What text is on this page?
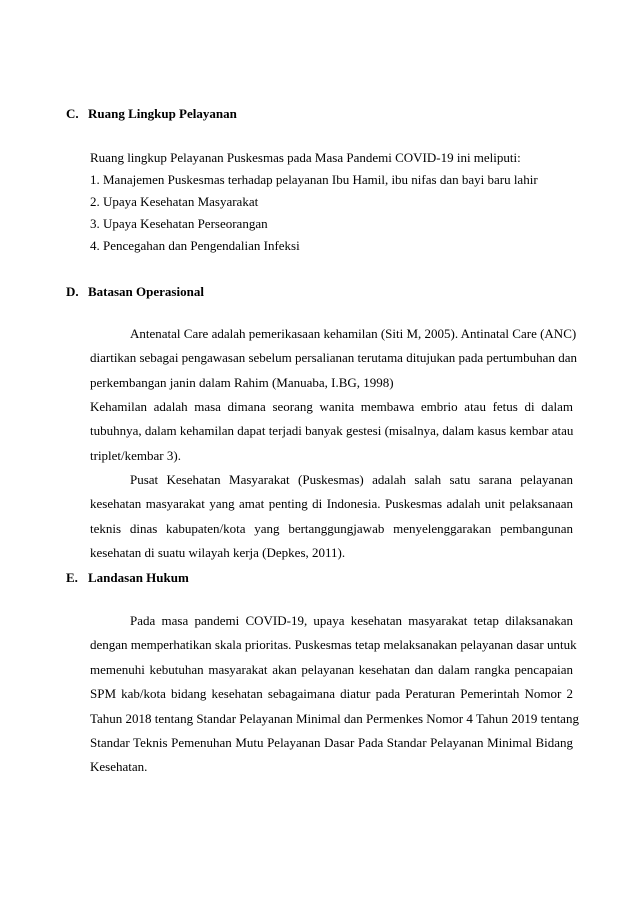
C. Ruang Lingkup Pelayanan
Ruang lingkup Pelayanan Puskesmas pada Masa Pandemi COVID-19 ini meliputi:
1. Manajemen Puskesmas terhadap pelayanan Ibu Hamil, ibu nifas dan bayi baru lahir
2. Upaya Kesehatan Masyarakat
3. Upaya Kesehatan Perseorangan
4. Pencegahan dan Pengendalian Infeksi
D. Batasan Operasional
Antenatal Care adalah pemerikasaan kehamilan (Siti M, 2005). Antinatal Care (ANC)
diartikan sebagai pengawasan sebelum persalianan terutama ditujukan pada pertumbuhan dan
perkembangan janin dalam Rahim (Manuaba, I.BG, 1998)
Kehamilan adalah masa dimana seorang wanita membawa embrio atau fetus di dalam
tubuhnya, dalam kehamilan dapat terjadi banyak gestesi (misalnya, dalam kasus kembar atau
triplet/kembar 3).
Pusat Kesehatan Masyarakat (Puskesmas) adalah salah satu sarana pelayanan
kesehatan masyarakat yang amat penting di Indonesia. Puskesmas adalah unit pelaksanaan
teknis dinas kabupaten/kota yang bertanggungjawab menyelenggarakan pembangunan
kesehatan di suatu wilayah kerja (Depkes, 2011).
E. Landasan Hukum
Pada masa pandemi COVID-19, upaya kesehatan masyarakat tetap dilaksanakan
dengan memperhatikan skala prioritas. Puskesmas tetap melaksanakan pelayanan dasar untuk
memenuhi kebutuhan masyarakat akan pelayanan kesehatan dan dalam rangka pencapaian
SPM kab/kota bidang kesehatan sebagaimana diatur pada Peraturan Pemerintah Nomor 2
Tahun 2018 tentang Standar Pelayanan Minimal dan Permenkes Nomor 4 Tahun 2019 tentang
Standar Teknis Pemenuhan Mutu Pelayanan Dasar Pada Standar Pelayanan Minimal Bidang
Kesehatan.
